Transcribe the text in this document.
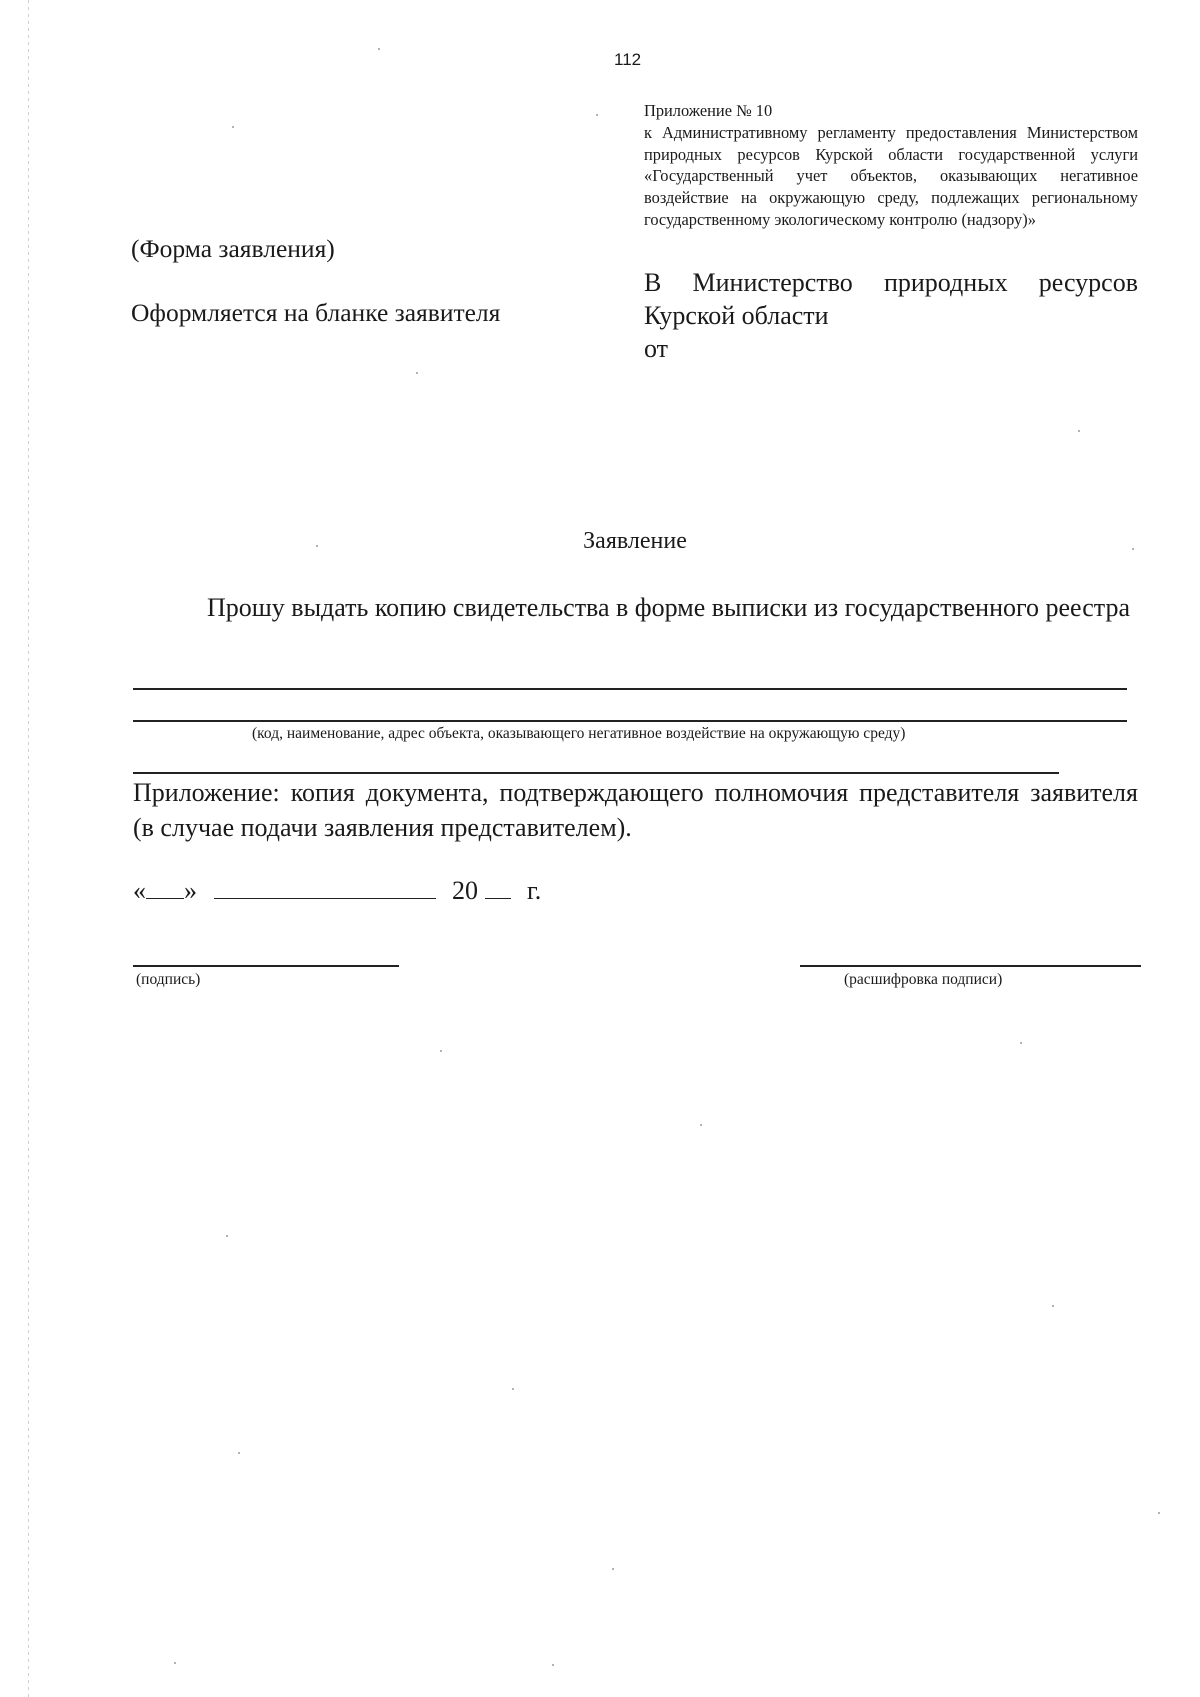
112
Приложение № 10
к Административному регламенту предоставления Министерством природных ресурсов Курской области государственной услуги «Государственный учет объектов, оказывающих негативное воздействие на окружающую среду, подлежащих региональному государственному экологическому контролю (надзору)»
(Форма заявления)
Оформляется на бланке заявителя
В Министерство природных ресурсов
Курской области
от
Заявление
Прошу выдать копию свидетельства в форме выписки из государственного реестра
(код, наименование, адрес объекта, оказывающего негативное воздействие на окружающую среду)
Приложение: копия документа, подтверждающего полномочия представителя заявителя (в случае подачи заявления представителем).
« »	20 г.
(подпись)	(расшифровка подписи)
